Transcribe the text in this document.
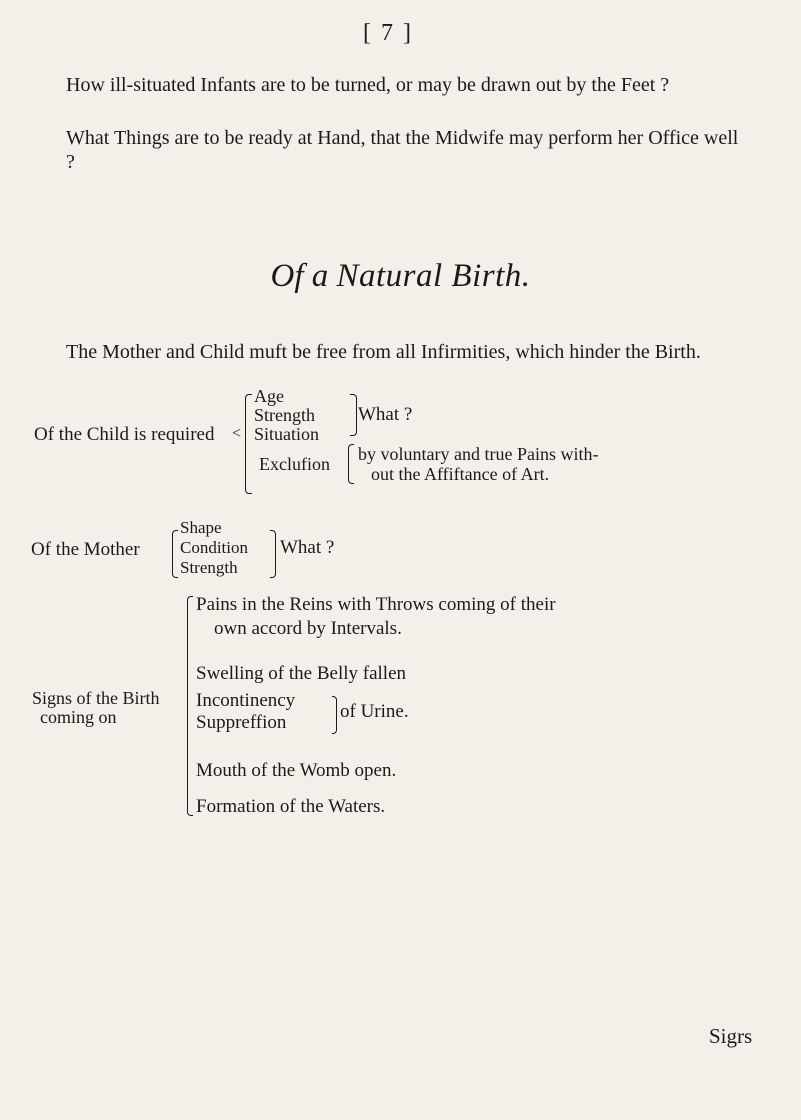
[ 7 ]
How ill-situated Infants are to be turned, or may be drawn out by the Feet ?
What Things are to be ready at Hand, that the Midwife may perform her Office well ?
Of a Natural Birth.
The Mother and Child muft be free from all Infirmities, which hinder the Birth.
Of the Child is required <
Age
Strength
Situation
What ?
Exclufion by voluntary and true Pains with-
out the Affiftance of Art.
Of the Mother
Shape
Condition
Strength
What ?
Signs of the Birth
coming on
Pains in the Reins with Throws coming of their
own accord by Intervals.
Swelling of the Belly fallen
Incontinency
Suppreffion
of Urine.
Mouth of the Womb open.
Formation of the Waters.
Sigrs
